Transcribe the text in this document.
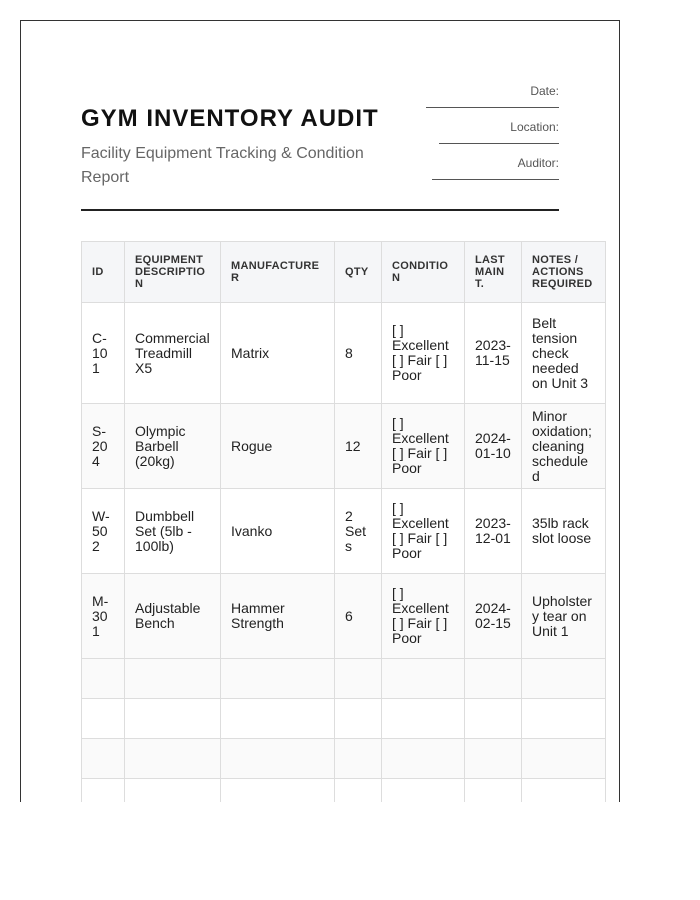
GYM INVENTORY AUDIT

Facility Equipment Tracking & Condition Report

Date:
Location:
Auditor:
ID	EQUIPMENT DESCRIPTION	MANUFACTURER	QTY	CONDITION	LAST MAINT.	NOTES / ACTIONS REQUIRED
C-101	Commercial Treadmill X5	Matrix	8	[ ] Excellent [ ] Fair [ ] Poor	2023-11-15	Belt tension check needed on Unit 3
S-204	Olympic Barbell (20kg)	Rogue	12	[ ] Excellent [ ] Fair [ ] Poor	2024-01-10	Minor oxidation; cleaning scheduled
W-502	Dumbbell Set (5lb - 100lb)	Ivanko	2 Sets	[ ] Excellent [ ] Fair [ ] Poor	2023-12-01	35lb rack slot loose
M-301	Adjustable Bench	Hammer Strength	6	[ ] Excellent [ ] Fair [ ] Poor	2024-02-15	Upholstery tear on Unit 1
